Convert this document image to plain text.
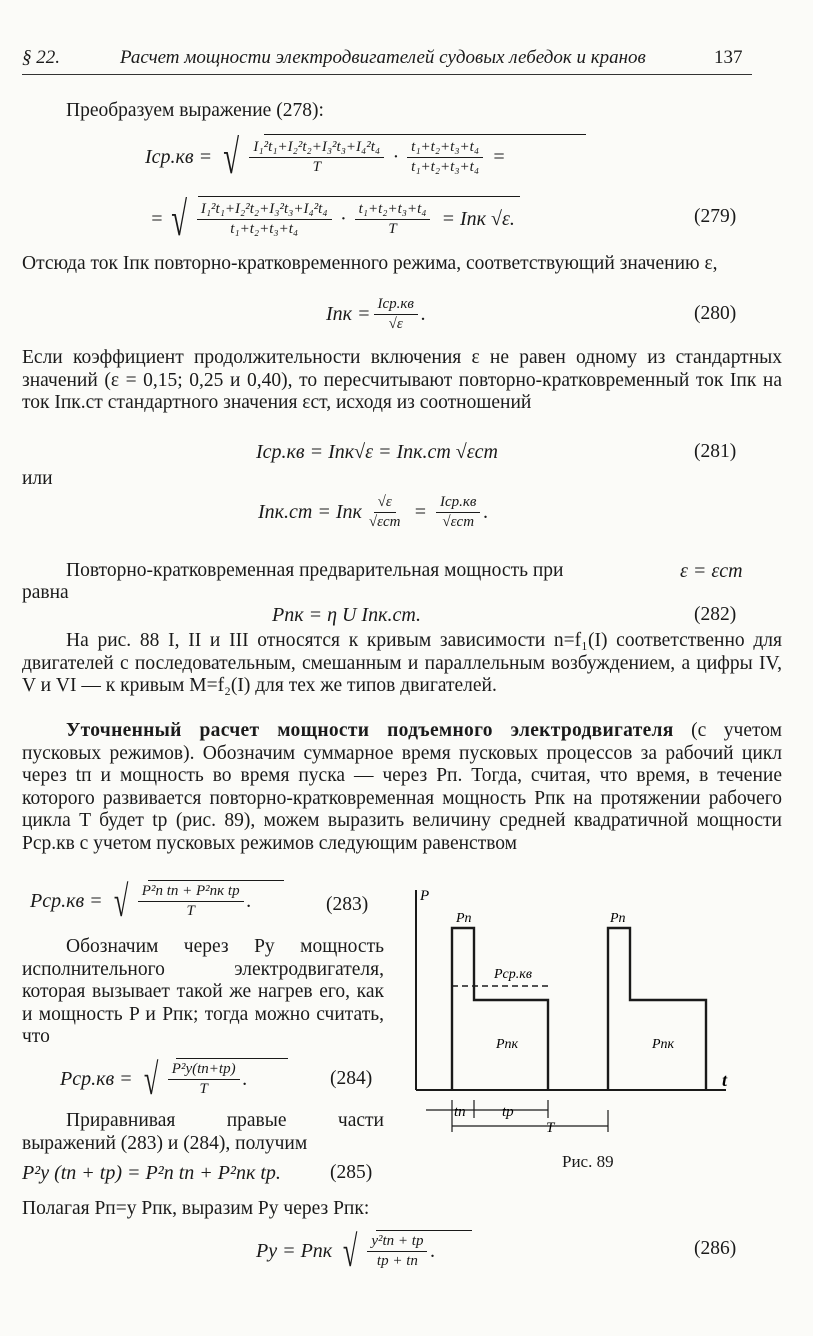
§ 22.	Расчет мощности электродвигателей судовых лебедок и кранов	137
Преобразуем выражение (278):
Iср.кв = √ $\frac{\text{I₁²t₁+I₂²t₂+I₃²t₃+I₄²t₄}}{T} \cdot \frac{\text{t₁+t₂+t₃+t₄}}{\text{t₁+t₂+t₃+t₄}}$ =
= √ $\frac{\text{I₁²t₁+I₂²t₂+I₃²t₃+I₄²t₄}}{\text{t₁+t₂+t₃+t₄}} \cdot \frac{\text{t₁+t₂+t₃+t₄}}{T}$ = Iпк √ε.	(279)
Отсюда ток Iпк повторно-кратковременного режима, соответствующий значению ε,
Iпк = $\frac{\text{Iср.кв}}{√\varepsilon}$ .	(280)
Если коэффициент продолжительности включения ε не равен одному из стандартных значений (ε = 0,15; 0,25 и 0,40), то пересчитывают повторно-кратковременный ток Iпк на ток Iпк.ст стандартного значения εст, исходя из соотношений
Iср.кв = Iпк√ε = Iпк.ст √εст	(281)
или
Iпк.ст = Iпк $\frac{√\varepsilon}{\text{√εст}} = \frac{\text{Iср.кв}}{\text{√εст}}$ .
Повторно-кратковременная предварительная мощность при	ε = εст
равна
Pпк = η U Iпк.ст.	(282)
На рис. 88 I, II и III относятся к кривым зависимости n=f₁(I) соответственно для двигателей с последовательным, смешанным и параллельным возбуждением, а цифры IV, V и VI — к кривым M=f₂(I) для тех же типов двигателей.
Уточненный расчет мощности подъемного электродвигателя (с учетом пусковых режимов). Обозначим суммарное время пусковых процессов за рабочий цикл через tп и мощность во время пуска — через Pп. Тогда, считая, что время, в течение которого развивается повторно-кратковременная мощность Pпк на протяжении рабочего цикла T будет tр (рис. 89), можем выразить величину средней квадратичной мощности Pср.кв с учетом пусковых режимов следующим равенством
Pср.кв = √ $\frac{\text{P²п tп + P²пк tр}}{T}$ .	(283)
Обозначим через Pу мощность исполнительного электродвигателя, которая вызывает такой же нагрев его, как и мощность P и Pпк; тогда можно считать, что
Pср.кв = √ $\frac{\text{P²у(tп+tр)}}{T}$ .	(284)
Приравнивая правые части выражений (283) и (284), получим
P²у (tп + tр) = P²п tп + P²пк tр.	(285)
Полагая Pп=y Pпк, выразим Pу через Pпк:
Pу = Pпк √ $\frac{\text{y²tп + tр}}{tр + tп}$ .	(286)
P
t
Pп	Pп
Pср.кв
Pпк	Pпк
tп tр
T
Рис. 89
